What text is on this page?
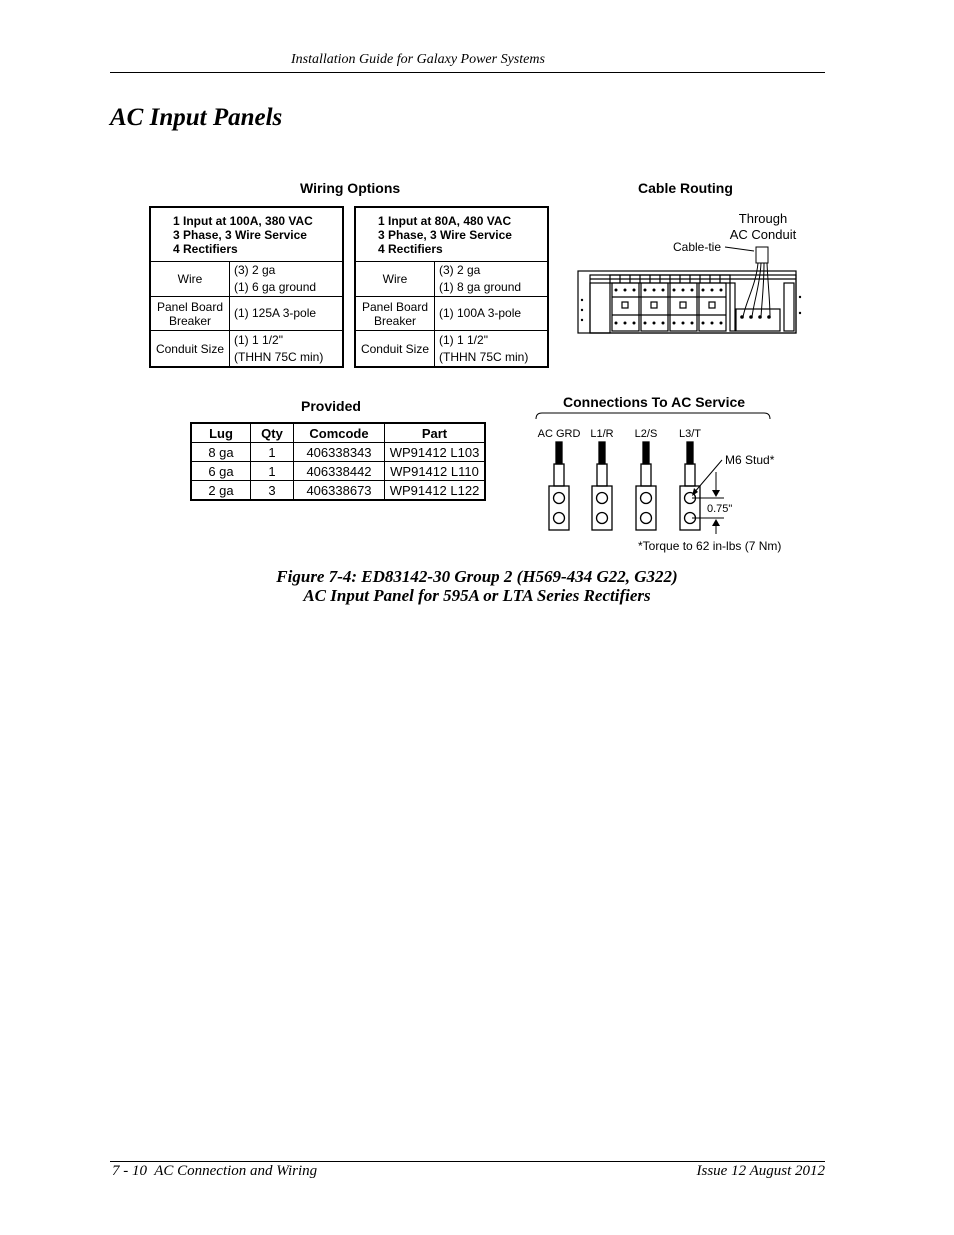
Installation Guide for Galaxy Power Systems
AC Input Panels
Wiring Options	Cable Routing
Provided	Connections To AC Service
1 Input at 100A, 380 VAC
3 Phase, 3 Wire Service
4 Rectifiers	

Wire	(3) 2 ga
(1) 6 ga ground

Panel Board
Breaker	(1) 125A 3-pole

Conduit Size	(1) 1 1/2"
(THHN 75C min)
1 Input at 80A, 480 VAC
3 Phase, 3 Wire Service
4 Rectifiers	

Wire	(3) 2 ga
(1) 8 ga ground

Panel Board
Breaker	(1) 100A 3-pole

Conduit Size	(1) 1 1/2"
(THHN 75C min)
Through
AC Conduit
Cable-tie
Lug	Qty	Comcode	Part
8 ga	1	406338343	WP91412 L103
6 ga	1	406338442	WP91412 L110
2 ga	3	406338673	WP91412 L122
AC GRD L1/R L2/S L3/T
M6 Stud*
0.75"
*Torque to 62 in-lbs (7 Nm)
Figure 7-4: ED83142-30 Group 2 (H569-434 G22, G322)
AC Input Panel for 595A or LTA Series Rectifiers
7 - 10  AC Connection and Wiring	Issue 12 August 2012
